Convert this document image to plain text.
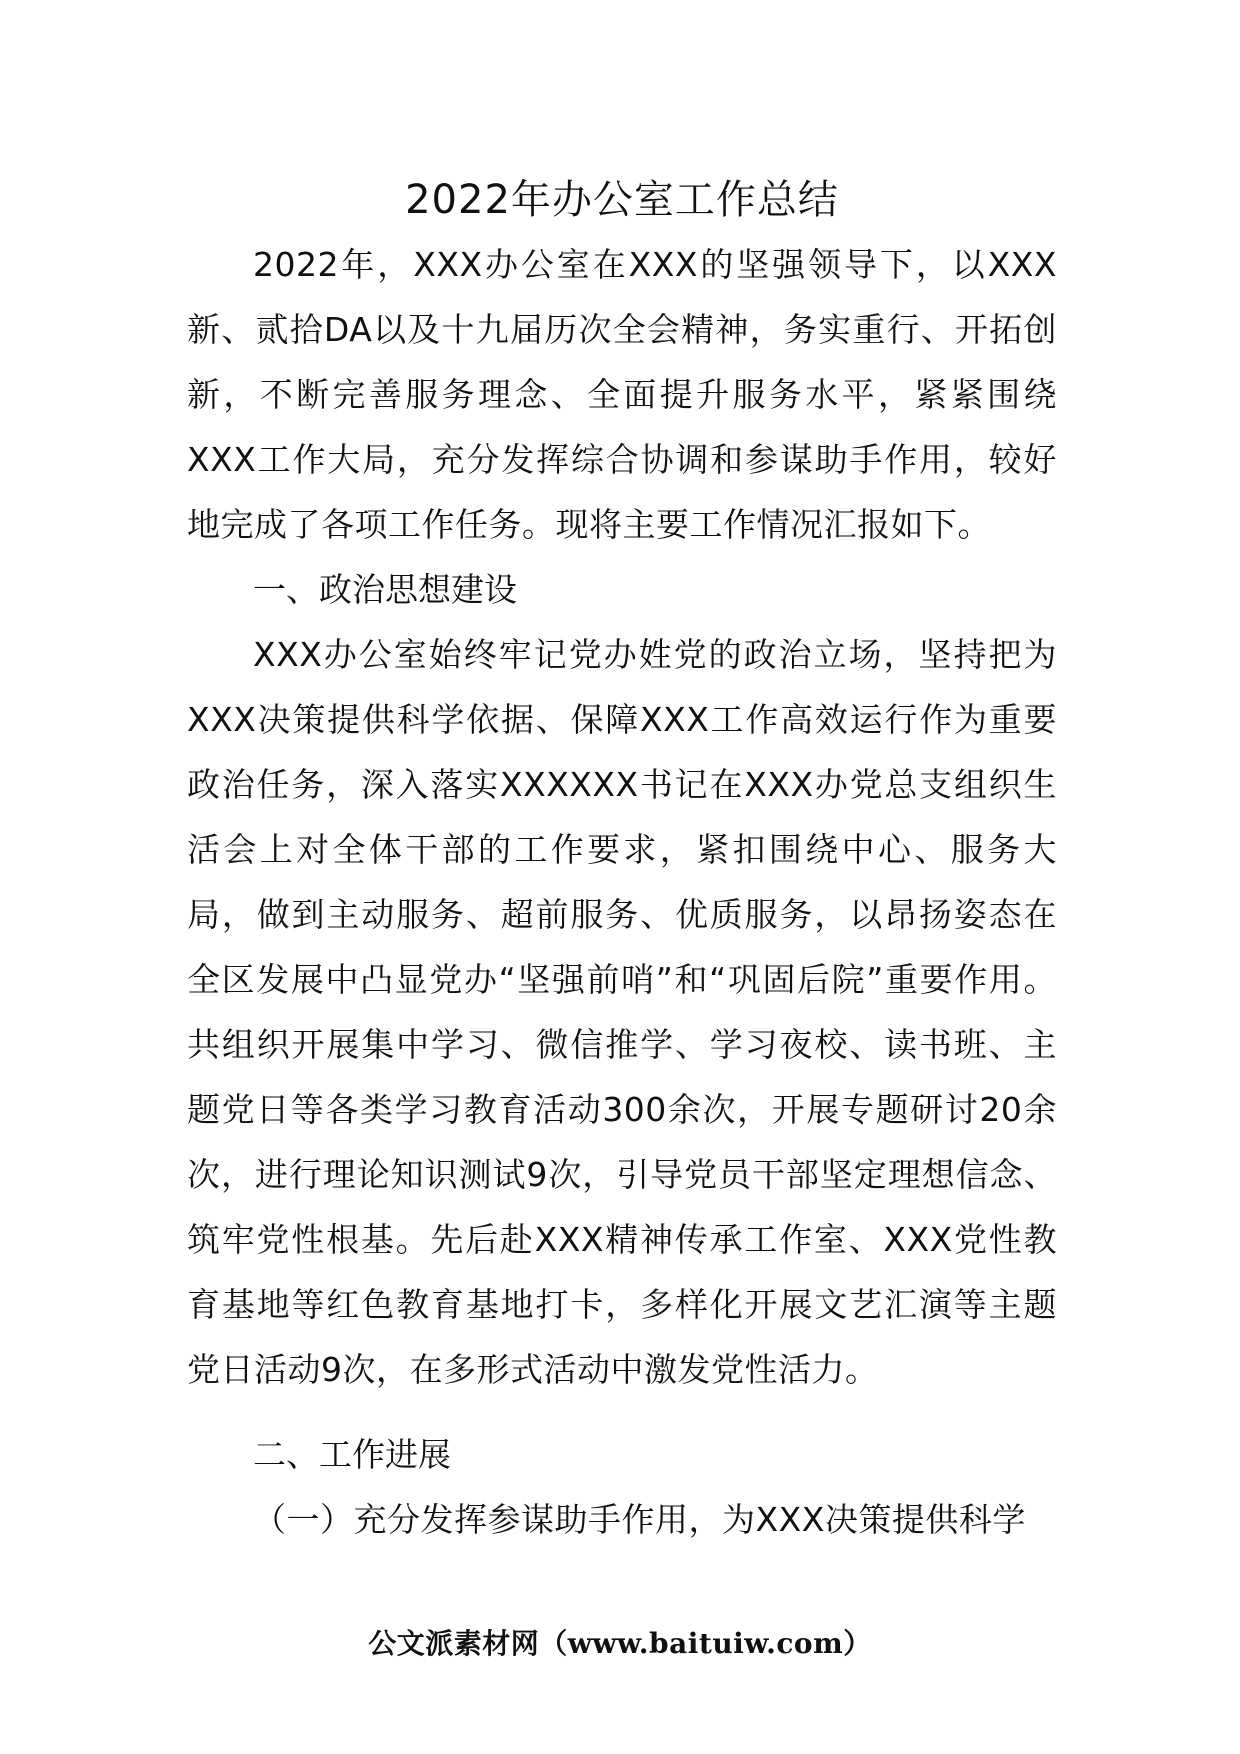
2022年办公室工作总结

2022年，XXX办公室在XXX的坚强领导下，以XXX新、贰拾DA以及十九届历次全会精神，务实重行、开拓创新，不断完善服务理念、全面提升服务水平，紧紧围绕XXX工作大局，充分发挥综合协调和参谋助手作用，较好地完成了各项工作任务。现将主要工作情况汇报如下。

一、政治思想建设

XXX办公室始终牢记党办姓党的政治立场，坚持把为XXX决策提供科学依据、保障XXX工作高效运行作为重要政治任务，深入落实XXXXXX书记在XXX办党总支组织生活会上对全体干部的工作要求，紧扣围绕中心、服务大局，做到主动服务、超前服务、优质服务，以昂扬姿态在全区发展中凸显党办“坚强前哨”和“巩固后院”重要作用。共组织开展集中学习、微信推学、学习夜校、读书班、主题党日等各类学习教育活动300余次，开展专题研讨20余次，进行理论知识测试9次，引导党员干部坚定理想信念、筑牢党性根基。先后赴XXX精神传承工作室、XXX党性教育基地等红色教育基地打卡，多样化开展文艺汇演等主题党日活动9次，在多形式活动中激发党性活力。

二、工作进展

（一）充分发挥参谋助手作用，为XXX决策提供科学

公文派素材网（www.baituiw.com）
